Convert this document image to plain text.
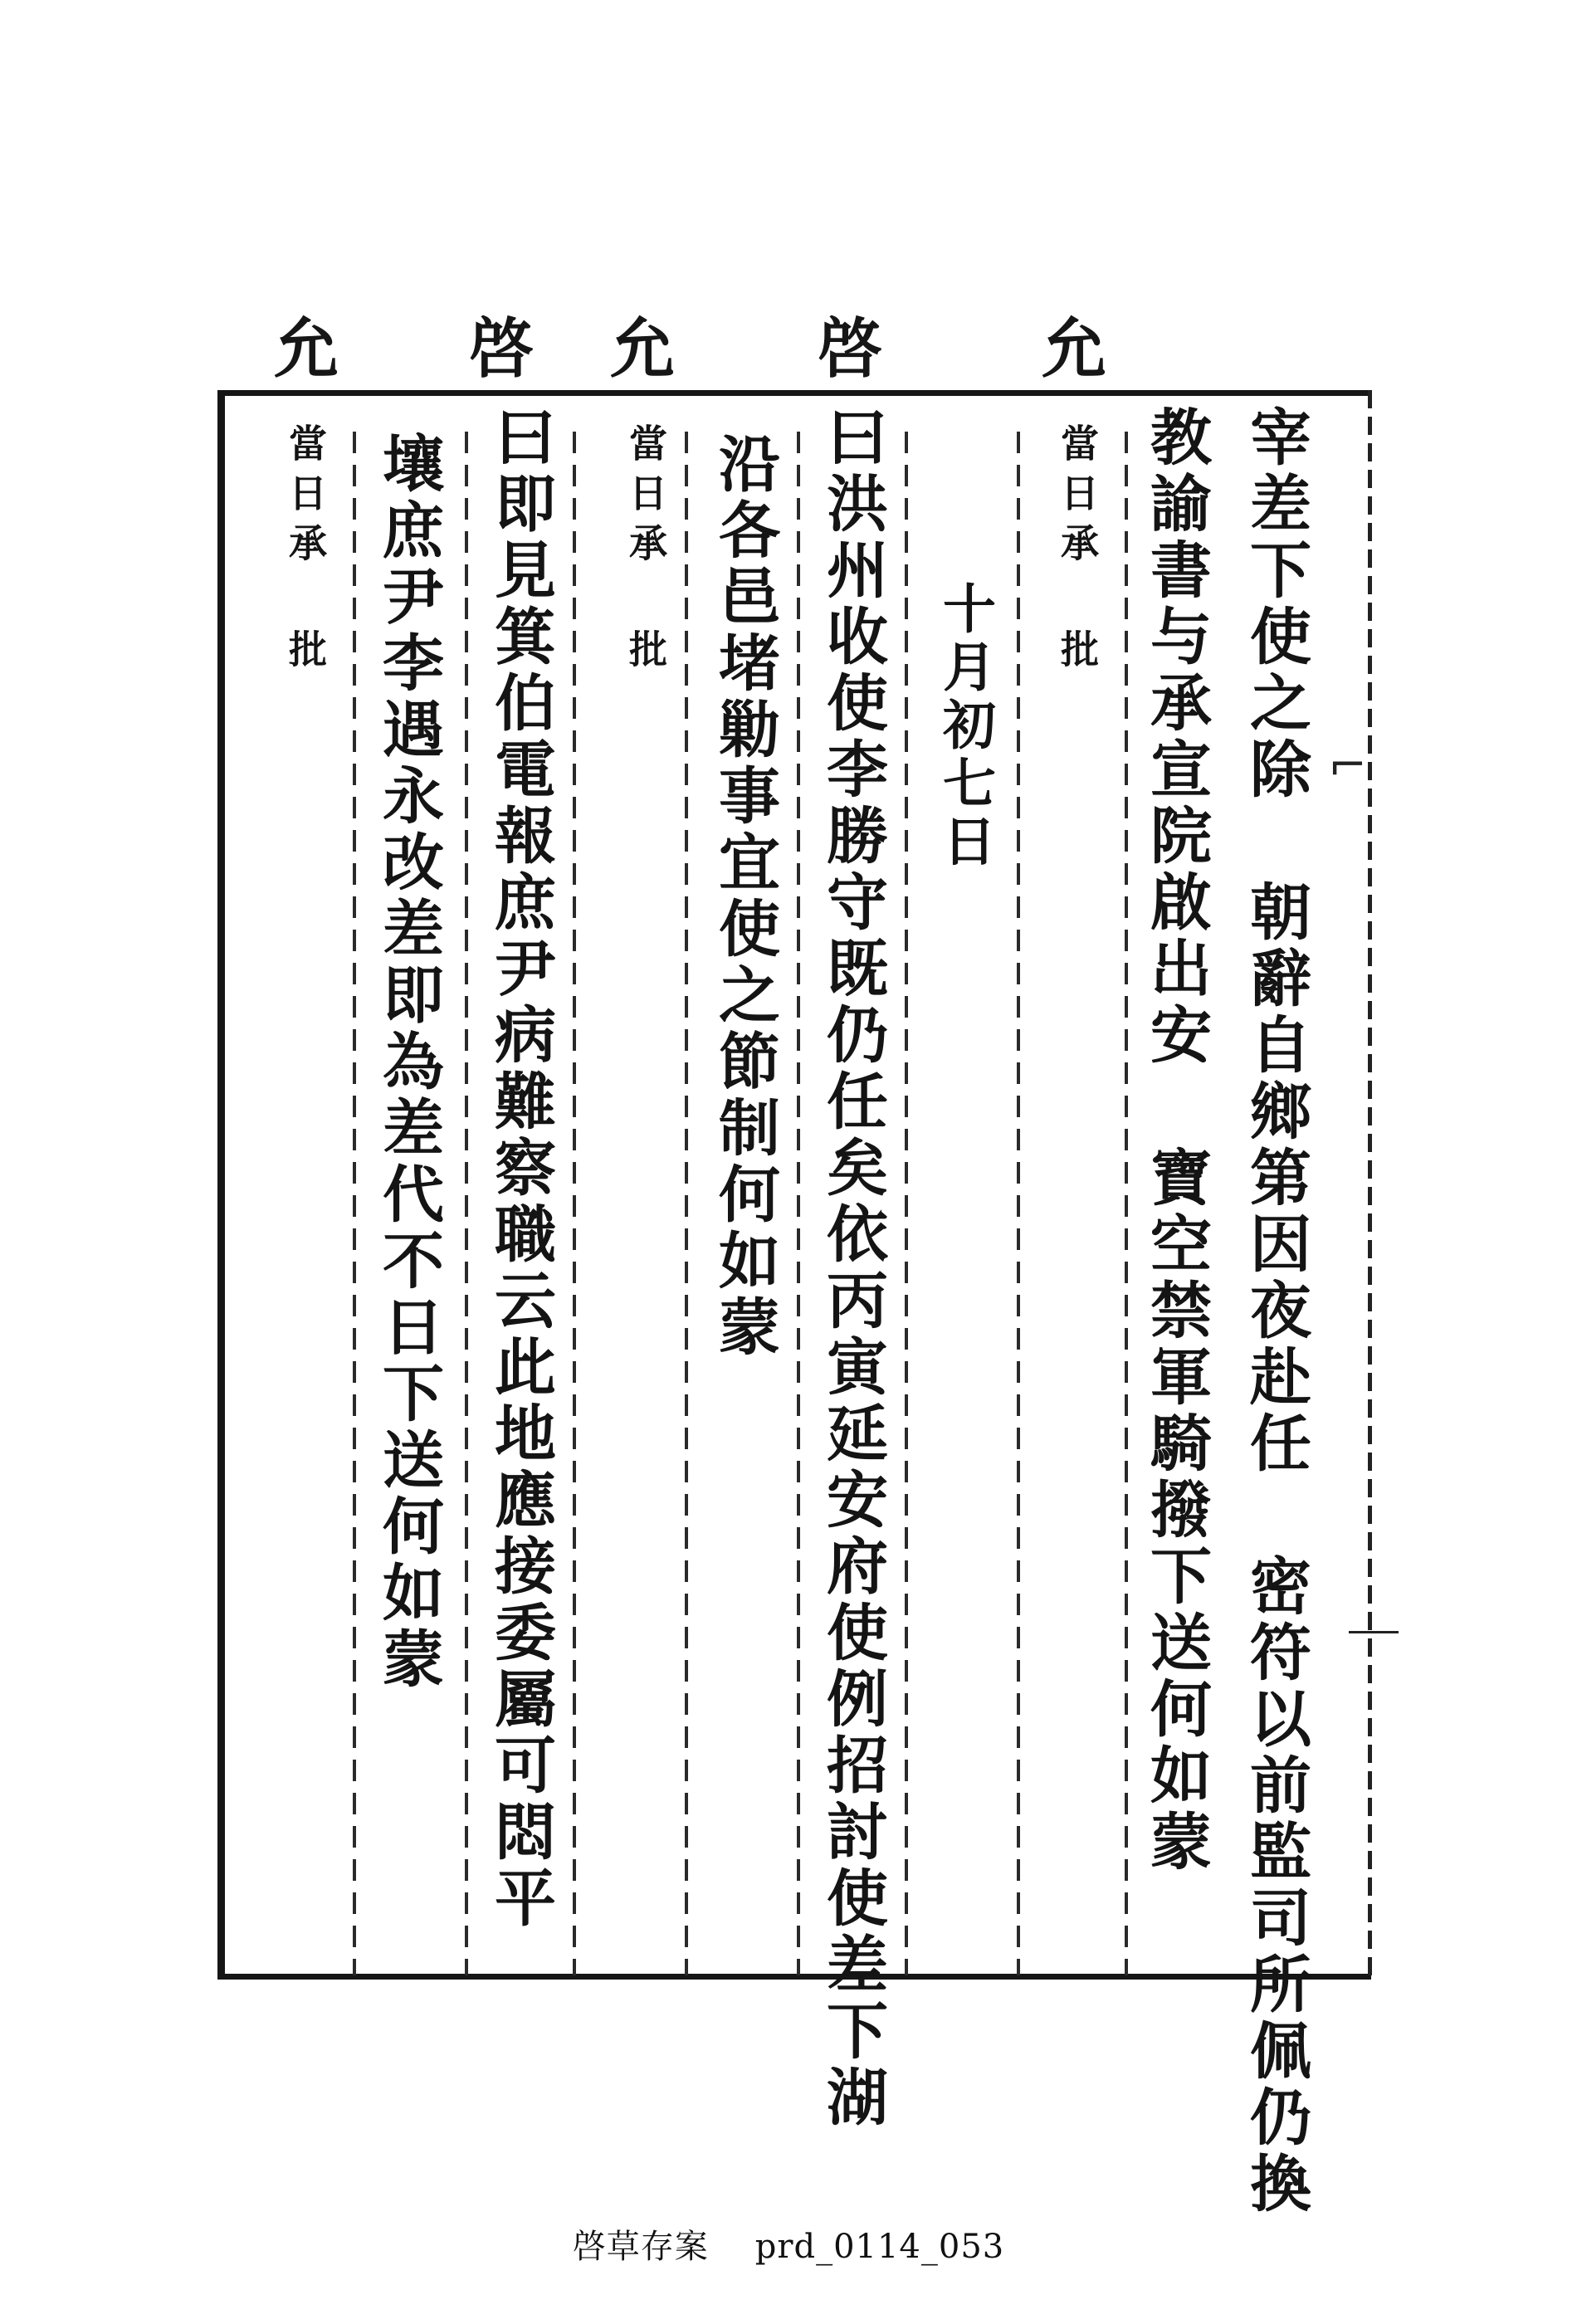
允
啓
允
啓
允
⌐
宰差下使之除 朝辭自鄉第因夜赴任 密符以前監司所佩仍換
教諭書与承宣院啟出安 寶空禁軍騎撥下送何如蒙
當日承 批
十月初七日
曰洪州收使李勝守既仍任矣依丙寅延安府使例招討使差下湖
沿各邑堵勦事宜使之節制何如蒙
當日承 批
曰即見箕伯電報庶尹病難察職云此地應接委屬可悶平
壤庶尹李遇永改差即為差代不日下送何如蒙
當日承 批
啓草存案 prd_0114_053
